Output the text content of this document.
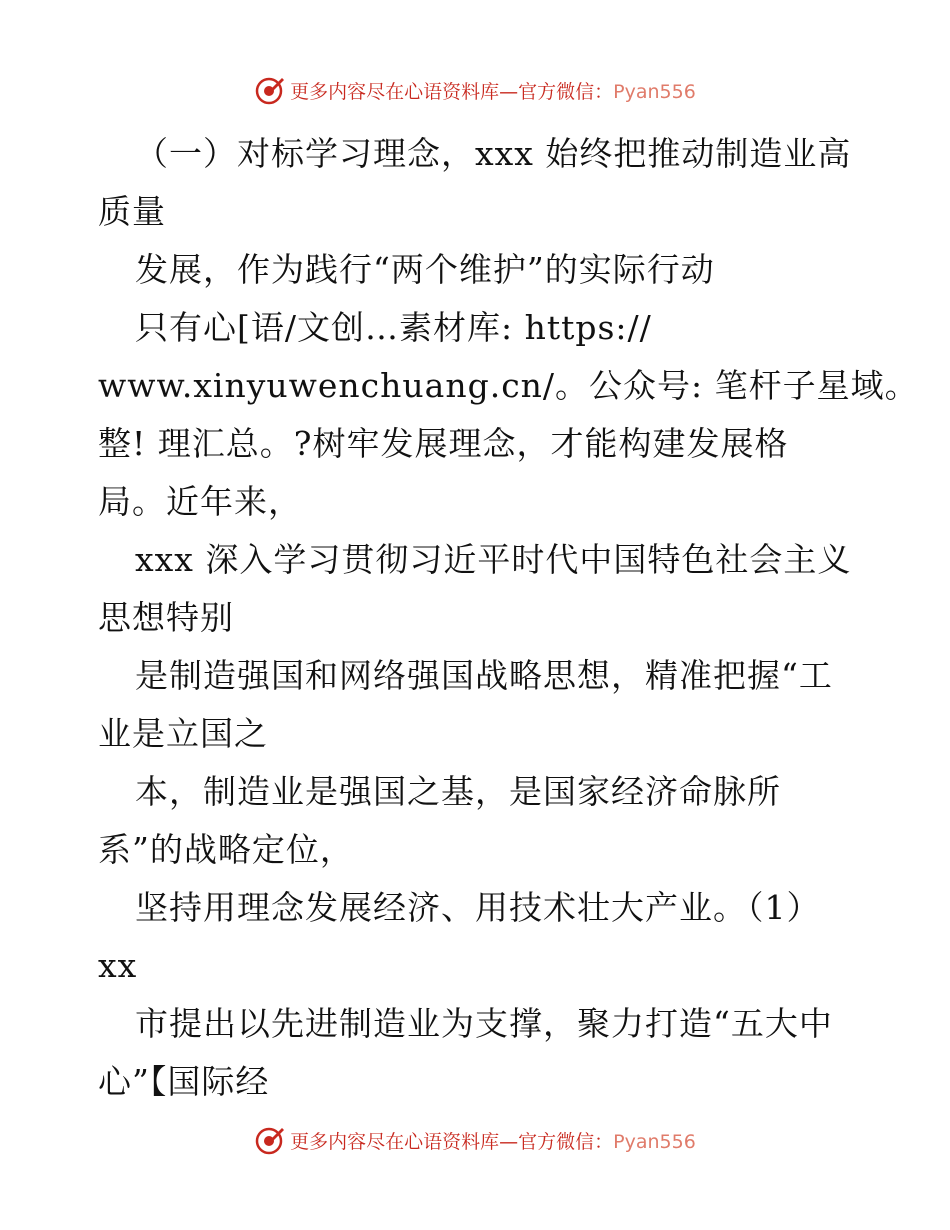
更多内容尽在心语资料库—官方微信：Pyan556
（一）对标学习理念，xxx 始终把推动制造业高
质量
发展，作为践行“两个维护”的实际行动
只有心[语/文创…素材库: https://
www.xinyuwenchuang.cn/。公众号: 笔杆子星域。
整! 理汇总。?树牢发展理念，才能构建发展格
局。近年来，
xxx 深入学习贯彻习近平时代中国特色社会主义
思想特别
是制造强国和网络强国战略思想，精准把握“工
业是立国之
本，制造业是强国之基，是国家经济命脉所
系”的战略定位，
坚持用理念发展经济、用技术壮大产业。（1）
xx
市提出以先进制造业为支撑，聚力打造“五大中
心”【国际经
更多内容尽在心语资料库—官方微信：Pyan556
